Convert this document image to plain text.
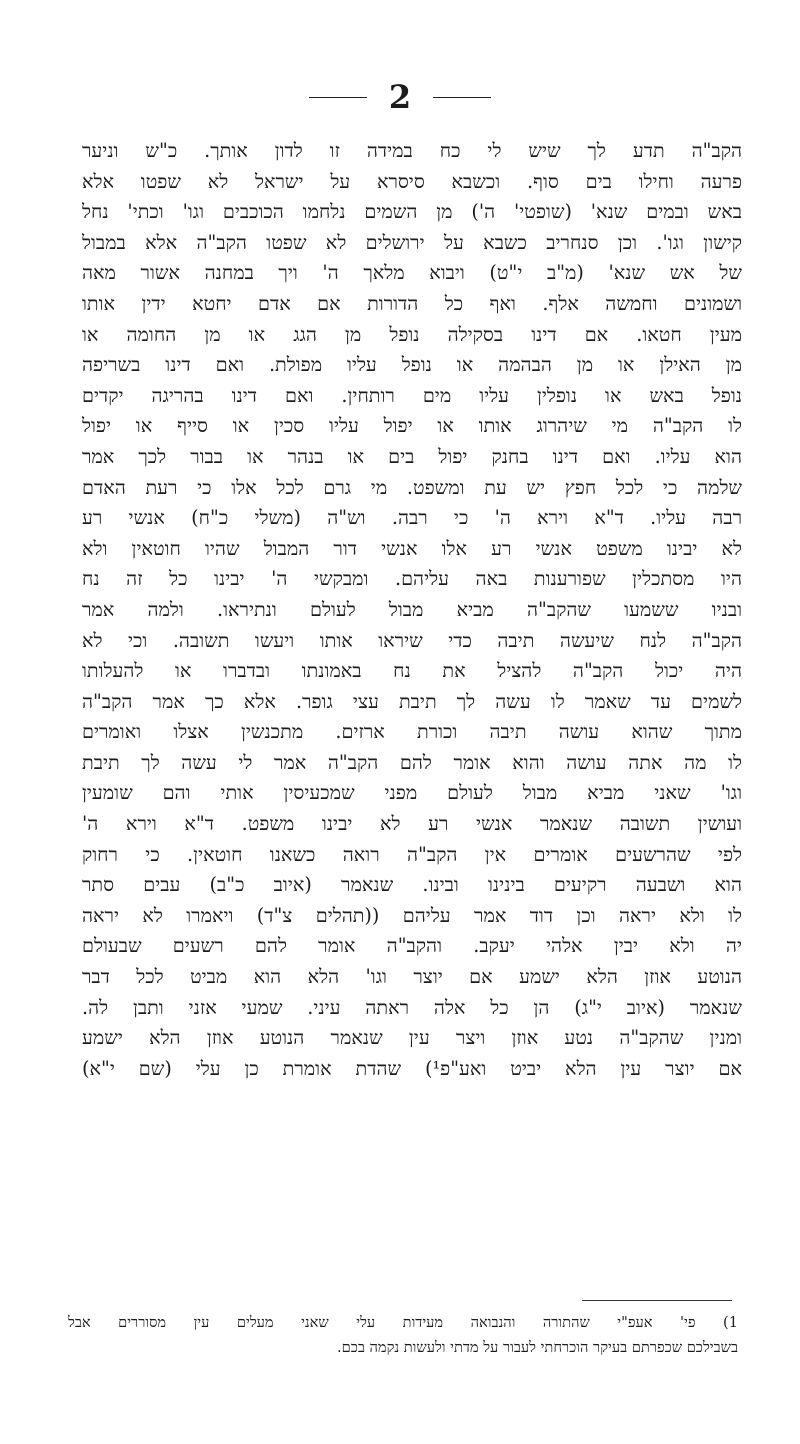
2
הקב"ה תדע לך שיש לי כח במידה זו לדון אותך. כ"ש וניער
פרעה וחילו בים סוף. וכשבא סיסרא על ישראל לא שפטו אלא
באש ובמים שנא' (שופטי' ה') מן השמים נלחמו הכוכבים וגו' וכתי' נחל
קישון וגו'. וכן סנחריב כשבא על ירושלים לא שפטו הקב"ה אלא במבול
של אש שנא' (מ"ב י"ט) ויבוא מלאך ה' ויך במחנה אשור מאה
ושמונים וחמשה אלף. ואף כל הדורות אם אדם יחטא ידין אותו
מעין חטאו. אם דינו בסקילה נופל מן הגג או מן החומה או
מן האילן או מן הבהמה או נופל עליו מפולת. ואם דינו בשריפה
נופל באש או נופלין עליו מים רותחין. ואם דינו בהריגה יקדים
לו הקב"ה מי שיהרוג אותו או יפול עליו סכין או סייף או יפול
הוא עליו. ואם דינו בחנק יפול בים או בנהר או בבור לכך אמר
שלמה כי לכל חפץ יש עת ומשפט. מי גרם לכל אלו כי רעת האדם
רבה עליו. ד"א וירא ה' כי רבה. וש"ה (משלי כ"ח) אנשי רע
לא יבינו משפט אנשי רע אלו אנשי דור המבול שהיו חוטאין ולא
היו מסתכלין שפורענות באה עליהם. ומבקשי ה' יבינו כל זה נח
ובניו ששמעו שהקב"ה מביא מבול לעולם ונתיראו. ולמה אמר
הקב"ה לנח שיעשה תיבה כדי שיראו אותו ויעשו תשובה. וכי לא
היה יכול הקב"ה להציל את נח באמונתו ובדברו או להעלותו
לשמים עד שאמר לו עשה לך תיבת עצי גופר. אלא כך אמר הקב"ה
מתוך שהוא עושה תיבה וכורת ארזים. מתכנשין אצלו ואומרים
לו מה אתה עושה והוא אומר להם הקב"ה אמר לי עשה לך תיבת
וגו' שאני מביא מבול לעולם מפני שמכעיסין אותי והם שומעין
ועושין תשובה שנאמר אנשי רע לא יבינו משפט. ד"א וירא ה'
לפי שהרשעים אומרים אין הקב"ה רואה כשאנו חוטאין. כי רחוק
הוא ושבעה רקיעים בינינו ובינו. שנאמר (איוב כ"ב) עבים סתר
לו ולא יראה וכן דוד אמר עליהם ((תהלים צ"ד) ויאמרו לא יראה
יה ולא יבין אלהי יעקב. והקב"ה אומר להם רשעים שבעולם
הנוטע אוזן הלא ישמע אם יוצר וגו' הלא הוא מביט לכל דבר
שנאמר (איוב י"ג) הן כל אלה ראתה עיני. שמעי אזני ותבן לה.
ומנין שהקב"ה נטע אוזן ויצר עין שנאמר הנוטע אוזן הלא ישמע
אם יוצר עין הלא יביט ואע"פ¹) שהדת אומרת כן עלי (שם י"א)
1) פי' אעפ"י שהתורה והנבואה מעידות עלי שאני מעלים עין מסוררים אבל
בשבילכם שכפרתם בעיקר הוכרחתי לעבור על מדתי ולעשות נקמה בכם.
